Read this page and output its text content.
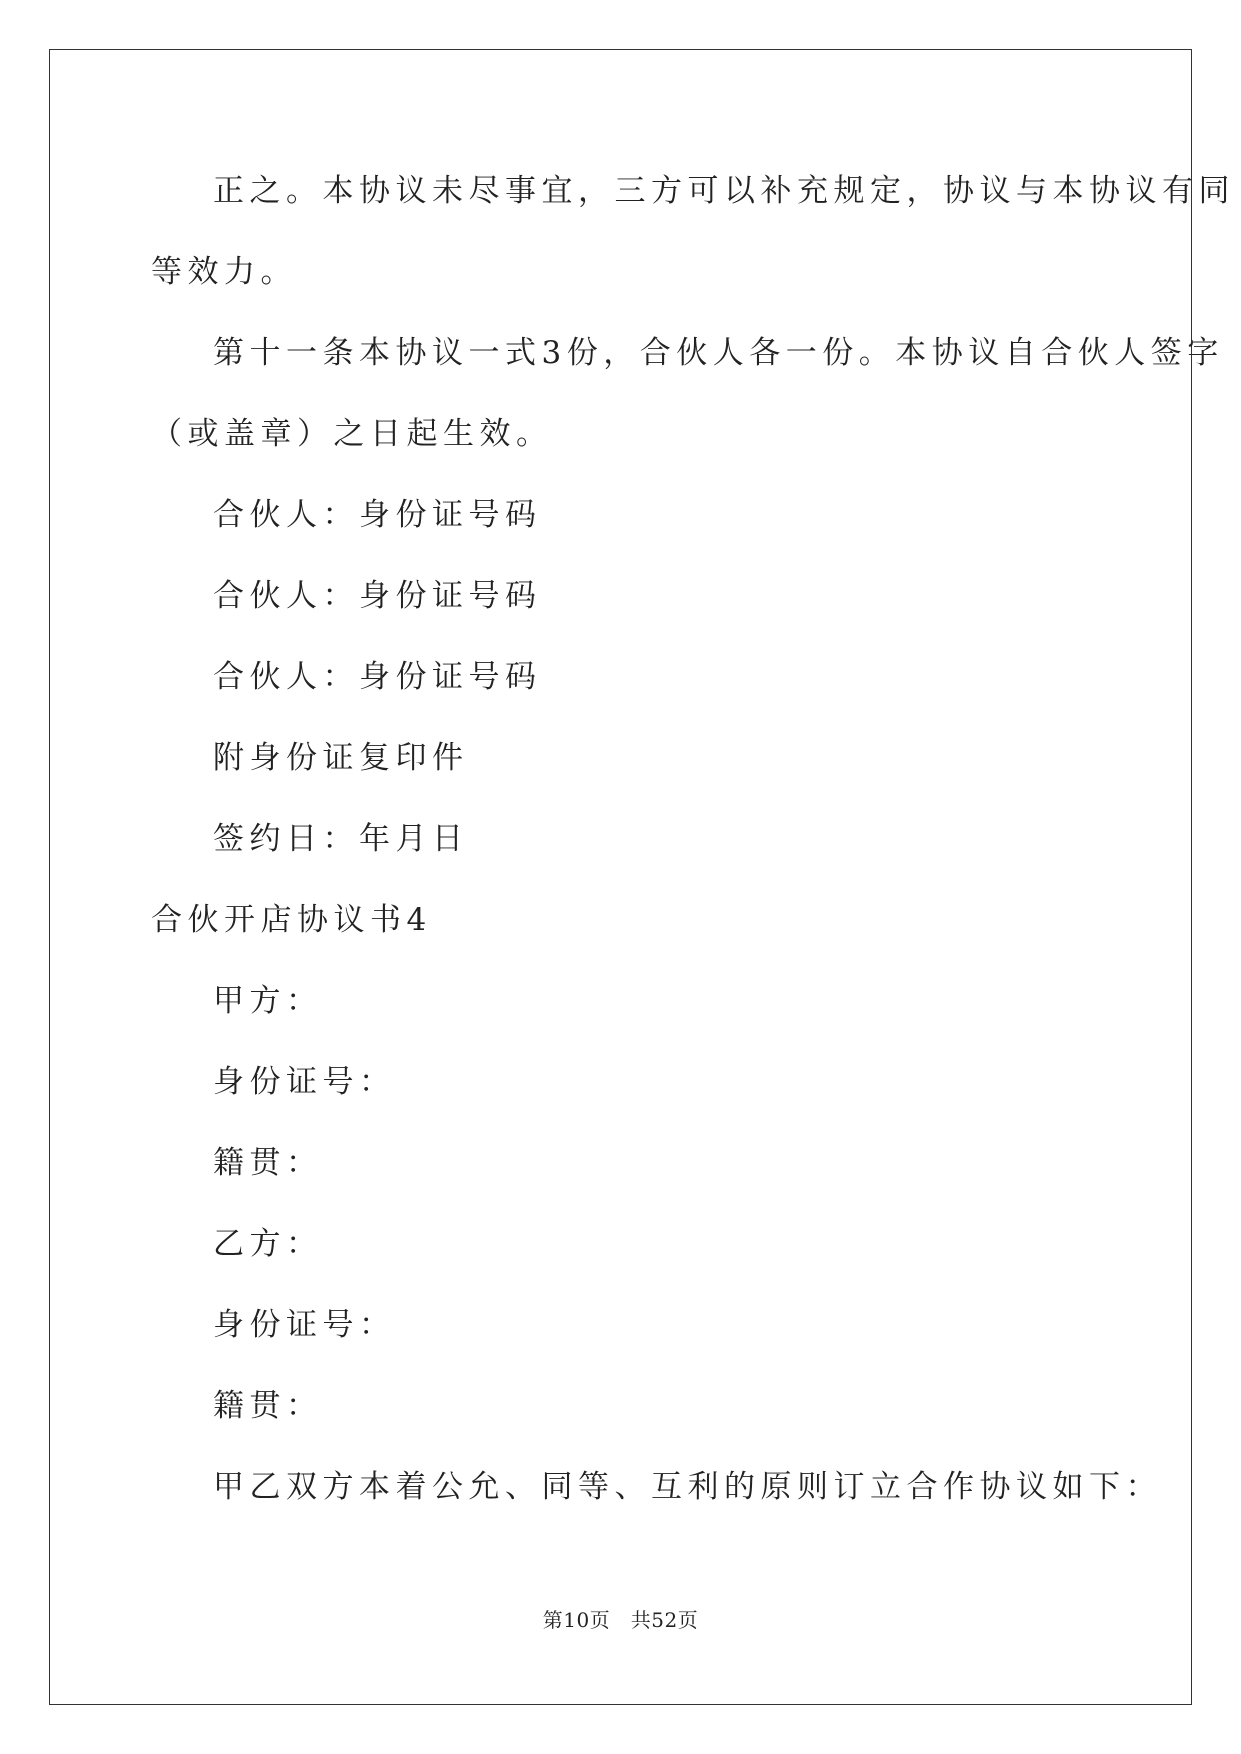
正之。本协议未尽事宜，三方可以补充规定，协议与本协议有同
等效力。
第十一条本协议一式3份，合伙人各一份。本协议自合伙人签字
（或盖章）之日起生效。
合伙人：身份证号码
合伙人：身份证号码
合伙人：身份证号码
附身份证复印件
签约日：年月日
合伙开店协议书4
甲方：
身份证号：
籍贯：
乙方：
身份证号：
籍贯：
甲乙双方本着公允、同等、互利的原则订立合作协议如下：
第10页　共52页
